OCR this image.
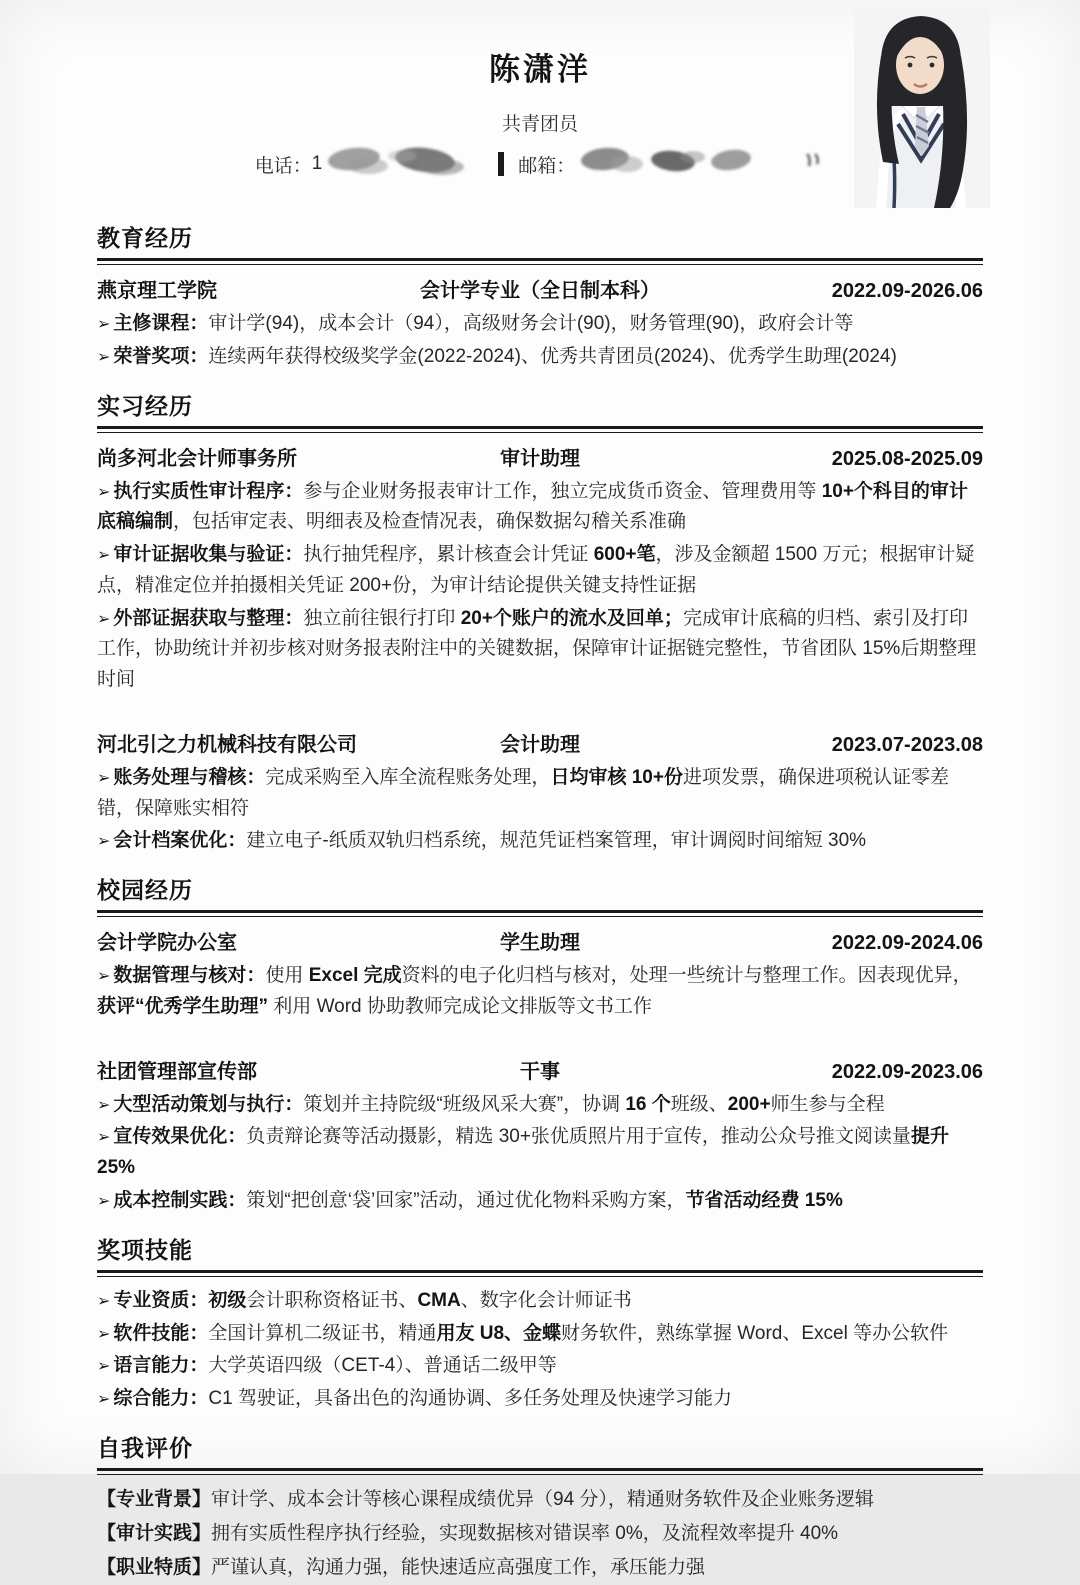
陈潇洋
共青团员
电话： 1	邮箱：
教育经历
燕京理工学院	会计学专业（全日制本科）	2022.09-2026.06

➢ 主修课程：审计学(94)，成本会计（94），高级财务会计(90)，财务管理(90)，政府会计等

➢ 荣誉奖项：连续两年获得校级奖学金(2022-2024)、优秀共青团员(2024)、优秀学生助理(2024)

实习经历
尚多河北会计师事务所	审计助理	2025.08-2025.09

➢ 执行实质性审计程序：参与企业财务报表审计工作，独立完成货币资金、管理费用等 10+个科目的审计底稿编制，包括审定表、明细表及检查情况表，确保数据勾稽关系准确

➢ 审计证据收集与验证：执行抽凭程序，累计核查会计凭证 600+笔，涉及金额超 1500 万元；根据审计疑点，精准定位并拍摄相关凭证 200+份，为审计结论提供关键支持性证据

➢ 外部证据获取与整理：独立前往银行打印 20+个账户的流水及回单；完成审计底稿的归档、索引及打印工作，协助统计并初步核对财务报表附注中的关键数据，保障审计证据链完整性，节省团队 15%后期整理时间

河北引之力机械科技有限公司	会计助理	2023.07-2023.08

➢ 账务处理与稽核：完成采购至入库全流程账务处理，日均审核 10+份进项发票，确保进项税认证零差错，保障账实相符

➢ 会计档案优化：建立电子-纸质双轨归档系统，规范凭证档案管理，审计调阅时间缩短 30%

校园经历
会计学院办公室	学生助理	2022.09-2024.06

➢ 数据管理与核对：使用 Excel 完成资料的电子化归档与核对，处理一些统计与整理工作。因表现优异，获评“优秀学生助理” 利用 Word 协助教师完成论文排版等文书工作

社团管理部宣传部	干事	2022.09-2023.06

➢ 大型活动策划与执行：策划并主持院级“班级风采大赛”，协调 16 个班级、200+师生参与全程

➢ 宣传效果优化：负责辩论赛等活动摄影，精选 30+张优质照片用于宣传，推动公众号推文阅读量提升 25%

➢ 成本控制实践：策划“把创意‘袋’回家”活动，通过优化物料采购方案，节省活动经费 15%

奖项技能

➢ 专业资质：初级会计职称资格证书、CMA、数字化会计师证书

➢ 软件技能：全国计算机二级证书，精通用友 U8、金蝶财务软件，熟练掌握 Word、Excel 等办公软件

➢ 语言能力：大学英语四级（CET-4）、普通话二级甲等

➢ 综合能力：C1 驾驶证，具备出色的沟通协调、多任务处理及快速学习能力

自我评价

【专业背景】审计学、成本会计等核心课程成绩优异（94 分），精通财务软件及企业账务逻辑

【审计实践】拥有实质性程序执行经验，实现数据核对错误率 0%，及流程效率提升 40%

【职业特质】严谨认真，沟通力强，能快速适应高强度工作，承压能力强
